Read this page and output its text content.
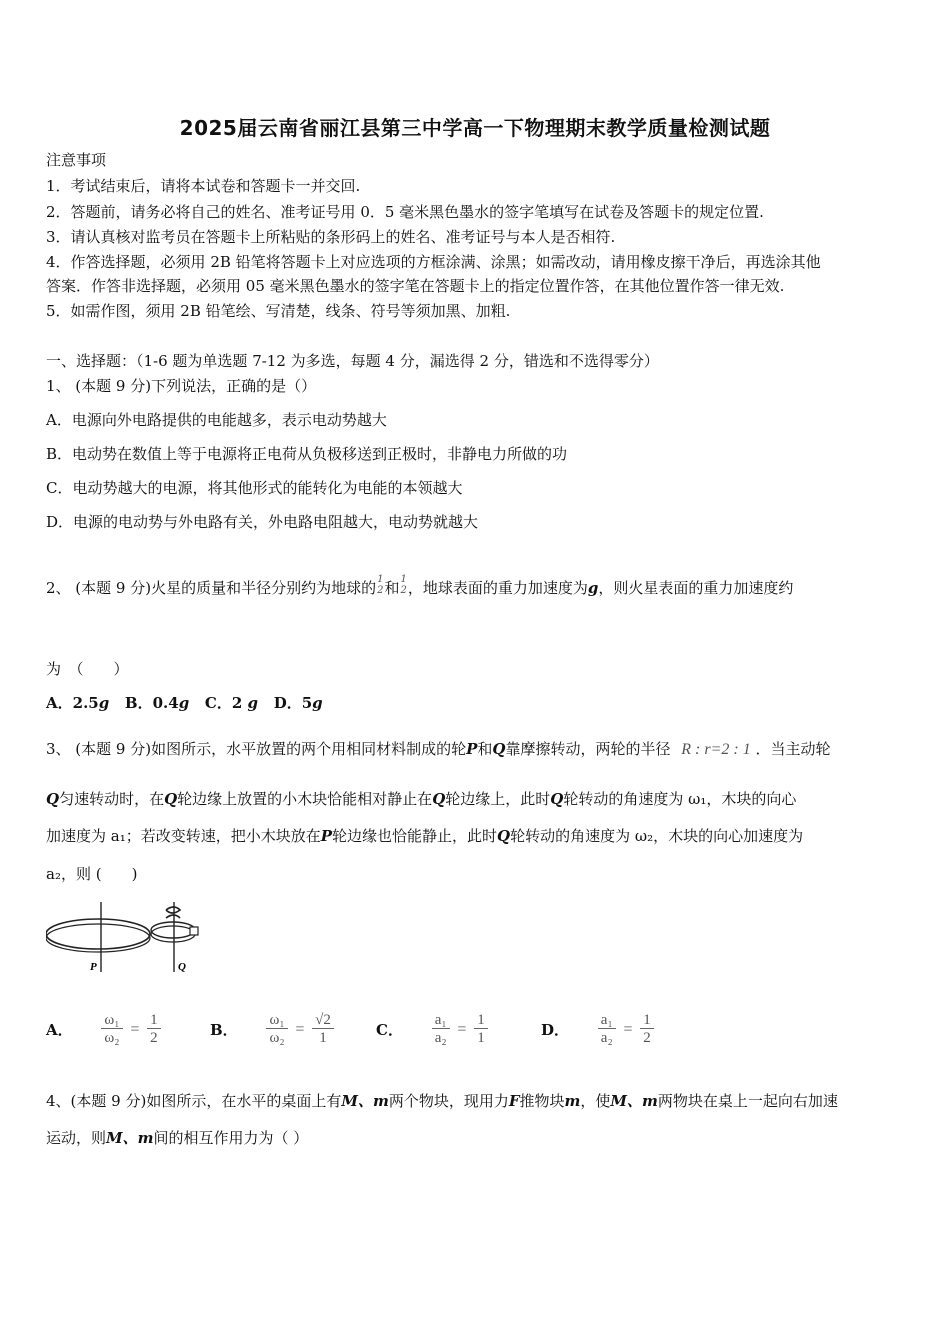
2025届云南省丽江县第三中学高一下物理期末教学质量检测试题
注意事项
1．考试结束后，请将本试卷和答题卡一并交回.
2．答题前，请务必将自己的姓名、准考证号用 0．5 毫米黑色墨水的签字笔填写在试卷及答题卡的规定位置.
3．请认真核对监考员在答题卡上所粘贴的条形码上的姓名、准考证号与本人是否相符.
4．作答选择题，必须用 2B 铅笔将答题卡上对应选项的方框涂满、涂黑；如需改动，请用橡皮擦干净后，再选涂其他
答案．作答非选择题，必须用 05 毫米黑色墨水的签字笔在答题卡上的指定位置作答，在其他位置作答一律无效.
5．如需作图，须用 2B 铅笔绘、写清楚，线条、符号等须加黑、加粗.
一、选择题：（1-6 题为单选题 7-12 为多选，每题 4 分，漏选得 2 分，错选和不选得零分）
1、 (本题 9 分)下列说法，正确的是（）
A．电源向外电路提供的电能越多，表示电动势越大
B．电动势在数值上等于电源将正电荷从负极移送到正极时，非静电力所做的功
C．电动势越大的电源，将其他形式的能转化为电能的本领越大
D．电源的电动势与外电路有关，外电路电阻越大，电动势就越大
2、 (本题 9 分)火星的质量和半径分别约为地球的 1
2 和 1
2 ，地球表面的重力加速度为g，则火星表面的重力加速度约
为　（　　）
A．2.5g B．0.4g C．2 g D．5g
3、 (本题 9 分)如图所示，水平放置的两个用相同材料制成的轮P和Q靠摩擦转动，两轮的半径 R : r=2 : 1 ．当主动轮
Q匀速转动时，在Q轮边缘上放置的小木块恰能相对静止在Q轮边缘上，此时Q轮转动的角速度为 ω₁，木块的向心
加速度为 a₁；若改变转速，把小木块放在P轮边缘也恰能静止，此时Q轮转动的角速度为 ω₂，木块的向心加速度为
a₂，则 (　　)
P	Q
A． $\frac{\text{ω₁}}{\text{ω₂}} = \frac{1}{2}$	B． $\frac{\text{ω₁}}{\text{ω₂}} = \frac{√2}{1}$	C． $\frac{\text{a₁}}{\text{a₂}} = \frac{1}{1}$	D． $\frac{\text{a₁}}{\text{a₂}} = \frac{1}{2}$
4、(本题 9 分)如图所示，在水平的桌面上有M、m两个物块，现用力F推物块m，使M、m两物块在桌上一起向右加速
运动，则M、m间的相互作用力为（ ）
